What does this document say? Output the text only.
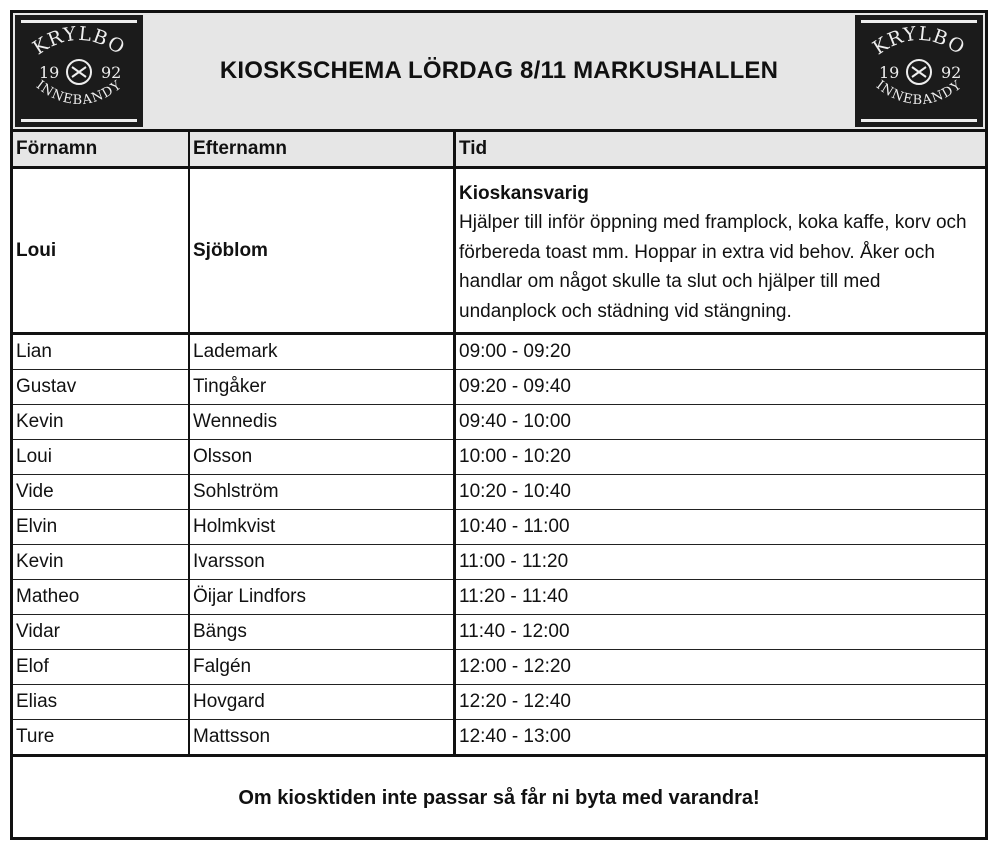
KRYLBO
INNEBANDY
19	92	KIOSKSCHEMA LÖRDAG 8/11 MARKUSHALLEN
KRYLBO
INNEBANDY
19	92
Förnamn	Efternamn	Tid
Loui	Sjöblom	Kioskansvarig
Hjälper till inför öppning med framplock, koka kaffe, korv och förbereda toast mm. Hoppar in extra vid behov. Åker och handlar om något skulle ta slut och hjälper till med undanplock och städning vid stängning.
Lian	Lademark	09:00 - 09:20
Gustav	Tingåker	09:20 - 09:40
Kevin	Wennedis	09:40 - 10:00
Loui	Olsson	10:00 - 10:20
Vide	Sohlström	10:20 - 10:40
Elvin	Holmkvist	10:40 - 11:00
Kevin	Ivarsson	11:00 - 11:20
Matheo	Öijar Lindfors	11:20 - 11:40
Vidar	Bängs	11:40 - 12:00
Elof	Falgén	12:00 - 12:20
Elias	Hovgard	12:20 - 12:40
Ture	Mattsson	12:40 - 13:00
Om kiosktiden inte passar så får ni byta med varandra!
